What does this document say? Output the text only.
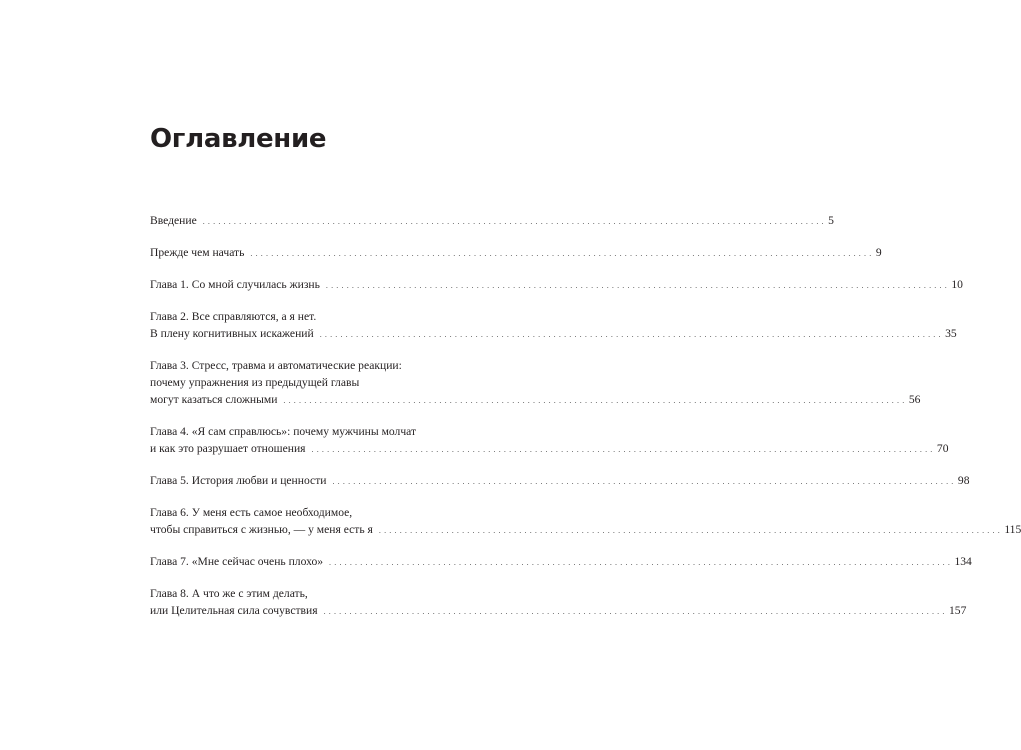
Оглавление
Введение . . . . . . . . . . . . . . . . . . . . . . . . . . . . . . . . . . . . . . . . . . . . . . . . . . . . . . . . . . . . . . . . . . . . . . . . . . . . . . . . . . . . . . . . . . . . . . . . . . . . . . . . . . . . . . . . . . . . . . . . 5
Прежде чем начать . . . . . . . . . . . . . . . . . . . . . . . . . . . . . . . . . . . . . . . . . . . . . . . . . . . . . . . . . . . . . . . . . . . . . . . . . . . . . . . . . . . . . . . . . . . . . . . . . . . . . . . . . . . . . . . . . . . . . . . . 9
Глава 1. Со мной случилась жизнь . . . . . . . . . . . . . . . . . . . . . . . . . . . . . . . . . . . . . . . . . . . . . . . . . . . . . . . . . . . . . . . . . . . . . . . . . . . . . . . . . . . . . . . . . . . . . . . . . . . . . . . . . . . . . . . . . . . . . . . . 10
Глава 2. Все справляются, а я нет.
В плену когнитивных искажений . . . . . . . . . . . . . . . . . . . . . . . . . . . . . . . . . . . . . . . . . . . . . . . . . . . . . . . . . . . . . . . . . . . . . . . . . . . . . . . . . . . . . . . . . . . . . . . . . . . . . . . . . . . . . . . . . . . . . . . . 35
Глава 3. Стресс, травма и автоматические реакции:
почему упражнения из предыдущей главы
могут казаться сложными . . . . . . . . . . . . . . . . . . . . . . . . . . . . . . . . . . . . . . . . . . . . . . . . . . . . . . . . . . . . . . . . . . . . . . . . . . . . . . . . . . . . . . . . . . . . . . . . . . . . . . . . . . . . . . . . . . . . . . . . 56
Глава 4. «Я сам справлюсь»: почему мужчины молчат
и как это разрушает отношения . . . . . . . . . . . . . . . . . . . . . . . . . . . . . . . . . . . . . . . . . . . . . . . . . . . . . . . . . . . . . . . . . . . . . . . . . . . . . . . . . . . . . . . . . . . . . . . . . . . . . . . . . . . . . . . . . . . . . . . . 70
Глава 5. История любви и ценности . . . . . . . . . . . . . . . . . . . . . . . . . . . . . . . . . . . . . . . . . . . . . . . . . . . . . . . . . . . . . . . . . . . . . . . . . . . . . . . . . . . . . . . . . . . . . . . . . . . . . . . . . . . . . . . . . . . . . . . . 98
Глава 6. У меня есть самое необходимое,
чтобы справиться с жизнью, — у меня есть я . . . . . . . . . . . . . . . . . . . . . . . . . . . . . . . . . . . . . . . . . . . . . . . . . . . . . . . . . . . . . . . . . . . . . . . . . . . . . . . . . . . . . . . . . . . . . . . . . . . . . . . . . . . . . . . . . . . . . . . . 115
Глава 7. «Мне сейчас очень плохо» . . . . . . . . . . . . . . . . . . . . . . . . . . . . . . . . . . . . . . . . . . . . . . . . . . . . . . . . . . . . . . . . . . . . . . . . . . . . . . . . . . . . . . . . . . . . . . . . . . . . . . . . . . . . . . . . . . . . . . . . 134
Глава 8. А что же с этим делать,
или Целительная сила сочувствия . . . . . . . . . . . . . . . . . . . . . . . . . . . . . . . . . . . . . . . . . . . . . . . . . . . . . . . . . . . . . . . . . . . . . . . . . . . . . . . . . . . . . . . . . . . . . . . . . . . . . . . . . . . . . . . . . . . . . . . . 157
